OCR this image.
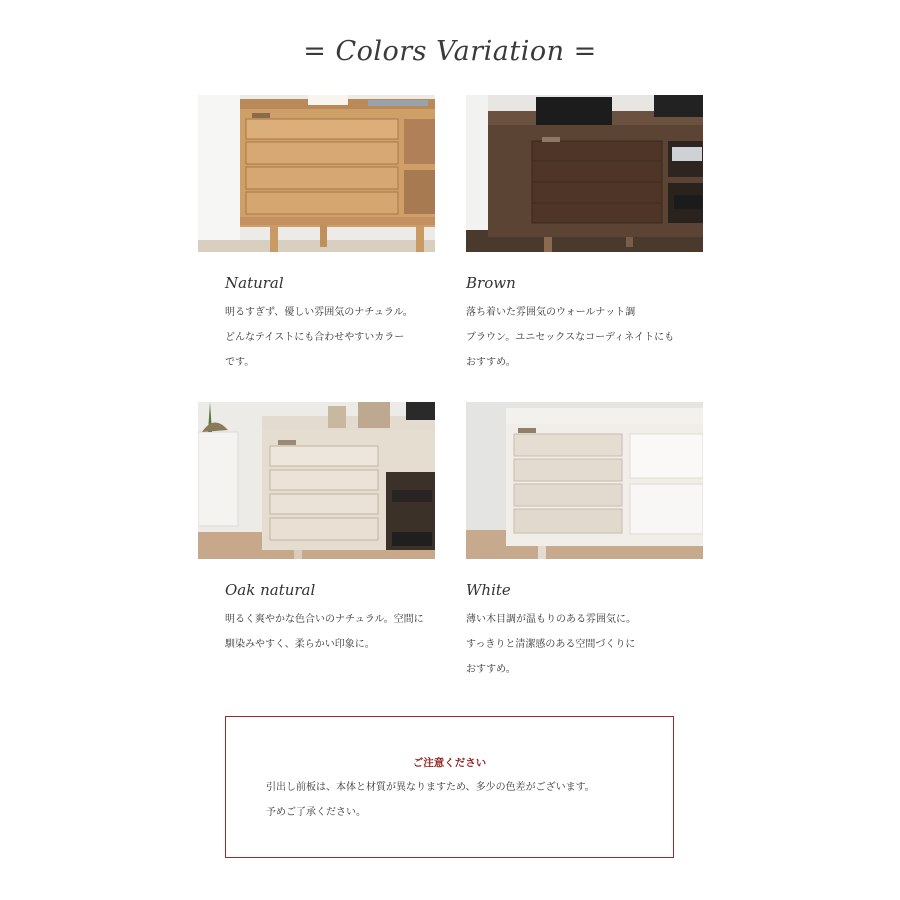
= Colors Variation =
Natural
明るすぎず、優しい雰囲気のナチュラル。
どんなテイストにも合わせやすいカラー
です。
Brown
落ち着いた雰囲気のウォールナット調
ブラウン。ユニセックスなコーディネイトにも
おすすめ。
Oak natural
明るく爽やかな色合いのナチュラル。空間に
馴染みやすく、柔らかい印象に。
White
薄い木目調が温もりのある雰囲気に。
すっきりと清潔感のある空間づくりに
おすすめ。
ご注意ください
引出し前板は、本体と材質が異なりますため、多少の色差がございます。
予めご了承ください。
